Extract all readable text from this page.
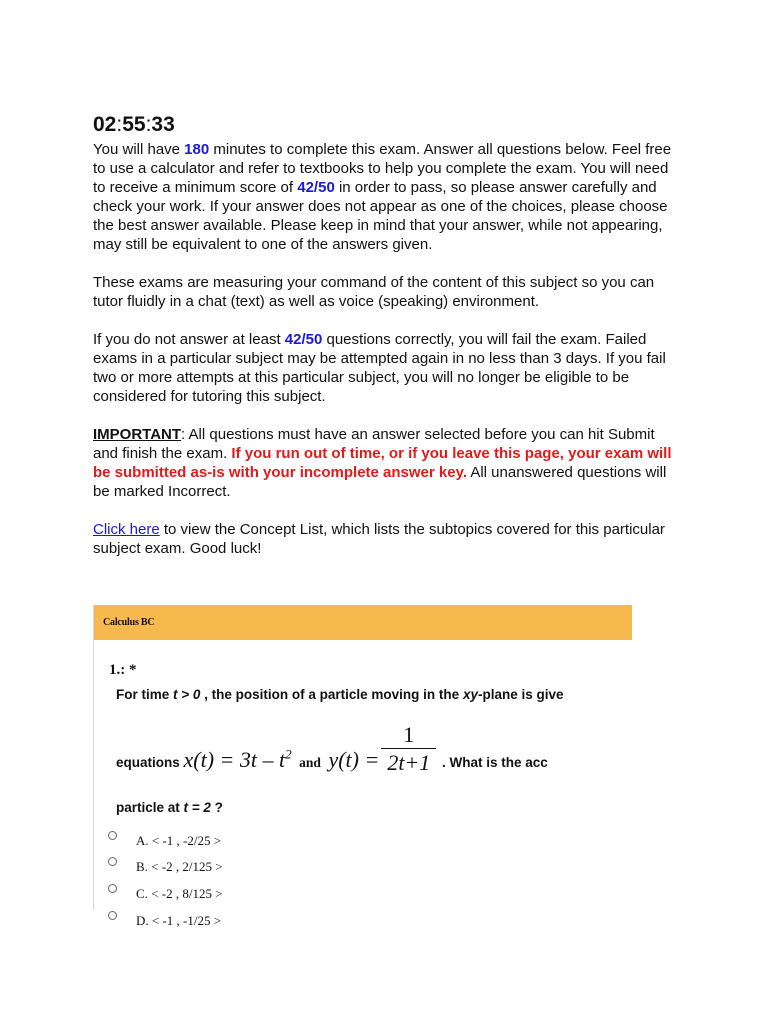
02:55:33

You will have 180 minutes to complete this exam. Answer all questions below. Feel free to use a calculator and refer to textbooks to help you complete the exam. You will need to receive a minimum score of 42/50 in order to pass, so please answer carefully and check your work. If your answer does not appear as one of the choices, please choose the best answer available. Please keep in mind that your answer, while not appearing, may still be equivalent to one of the answers given.

These exams are measuring your command of the content of this subject so you can tutor fluidly in a chat (text) as well as voice (speaking) environment.

If you do not answer at least 42/50 questions correctly, you will fail the exam. Failed exams in a particular subject may be attempted again in no less than 3 days. If you fail two or more attempts at this particular subject, you will no longer be eligible to be considered for tutoring this subject.

IMPORTANT: All questions must have an answer selected before you can hit Submit and finish the exam. If you run out of time, or if you leave this page, your exam will be submitted as-is with your incomplete answer key. All unanswered questions will be marked Incorrect.

Click here to view the Concept List, which lists the subtopics covered for this particular subject exam. Good luck!

Calculus BC
1.: *
For time t > 0 , the position of a particle moving in the xy-plane is give
equations $x(t) = 3t - t^2$  and $y(t) = \frac{1}{2t+1}$ . What is the acc
particle at t = 2 ?
A. < -1 , -2/25 >
B. < -2 , 2/125 >
C. < -2 , 8/125 >
D. < -1 , -1/25 >
